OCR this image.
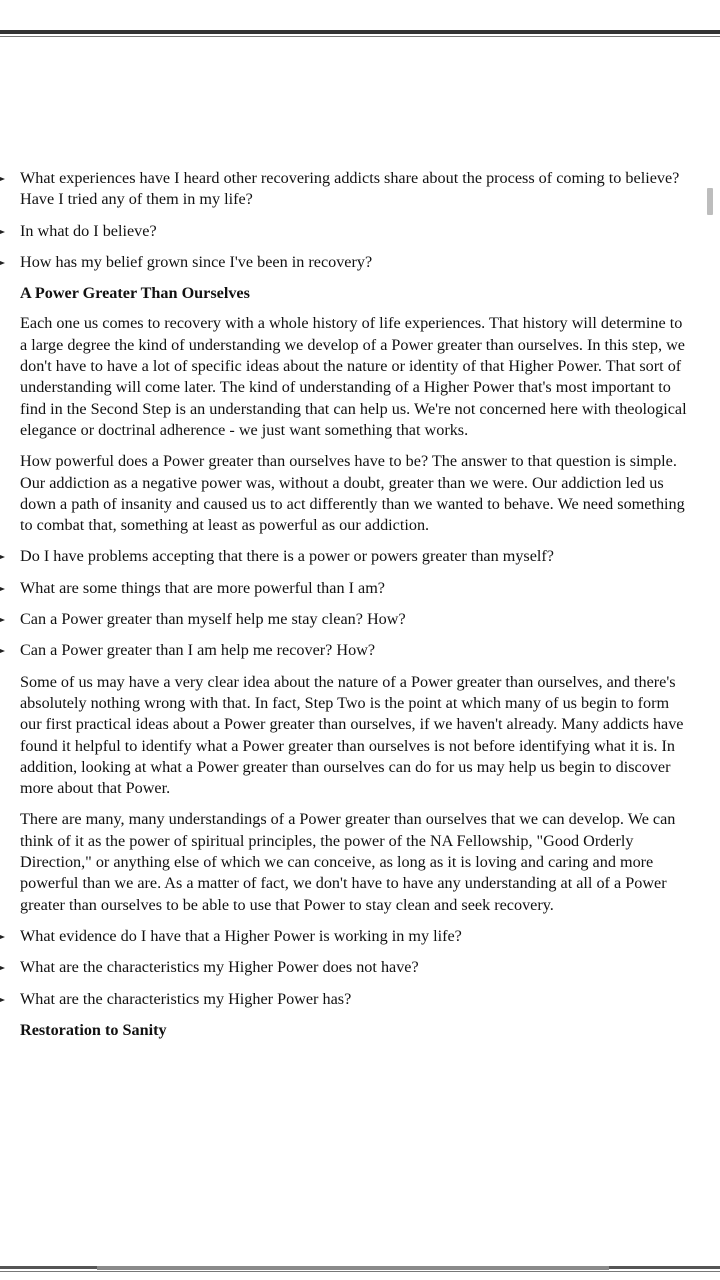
What experiences have I heard other recovering addicts share about the process of coming to believe? Have I tried any of them in my life?
In what do I believe?
How has my belief grown since I've been in recovery?

A Power Greater Than Ourselves

Each one us comes to recovery with a whole history of life experiences. That history will determine to a large degree the kind of understanding we develop of a Power greater than ourselves. In this step, we don't have to have a lot of specific ideas about the nature or identity of that Higher Power. That sort of understanding will come later. The kind of understanding of a Higher Power that's most important to find in the Second Step is an understanding that can help us. We're not concerned here with theological elegance or doctrinal adherence - we just want something that works.

How powerful does a Power greater than ourselves have to be? The answer to that question is simple. Our addiction as a negative power was, without a doubt, greater than we were. Our addiction led us down a path of insanity and caused us to act differently than we wanted to behave. We need something to combat that, something at least as powerful as our addiction.

Do I have problems accepting that there is a power or powers greater than myself?
What are some things that are more powerful than I am?
Can a Power greater than myself help me stay clean? How?
Can a Power greater than I am help me recover? How?

Some of us may have a very clear idea about the nature of a Power greater than ourselves, and there's absolutely nothing wrong with that. In fact, Step Two is the point at which many of us begin to form our first practical ideas about a Power greater than ourselves, if we haven't already. Many addicts have found it helpful to identify what a Power greater than ourselves is not before identifying what it is. In addition, looking at what a Power greater than ourselves can do for us may help us begin to discover more about that Power.

There are many, many understandings of a Power greater than ourselves that we can develop. We can think of it as the power of spiritual principles, the power of the NA Fellowship, "Good Orderly Direction," or anything else of which we can conceive, as long as it is loving and caring and more powerful than we are. As a matter of fact, we don't have to have any understanding at all of a Power greater than ourselves to be able to use that Power to stay clean and seek recovery.

What evidence do I have that a Higher Power is working in my life?
What are the characteristics my Higher Power does not have?
What are the characteristics my Higher Power has?

Restoration to Sanity
